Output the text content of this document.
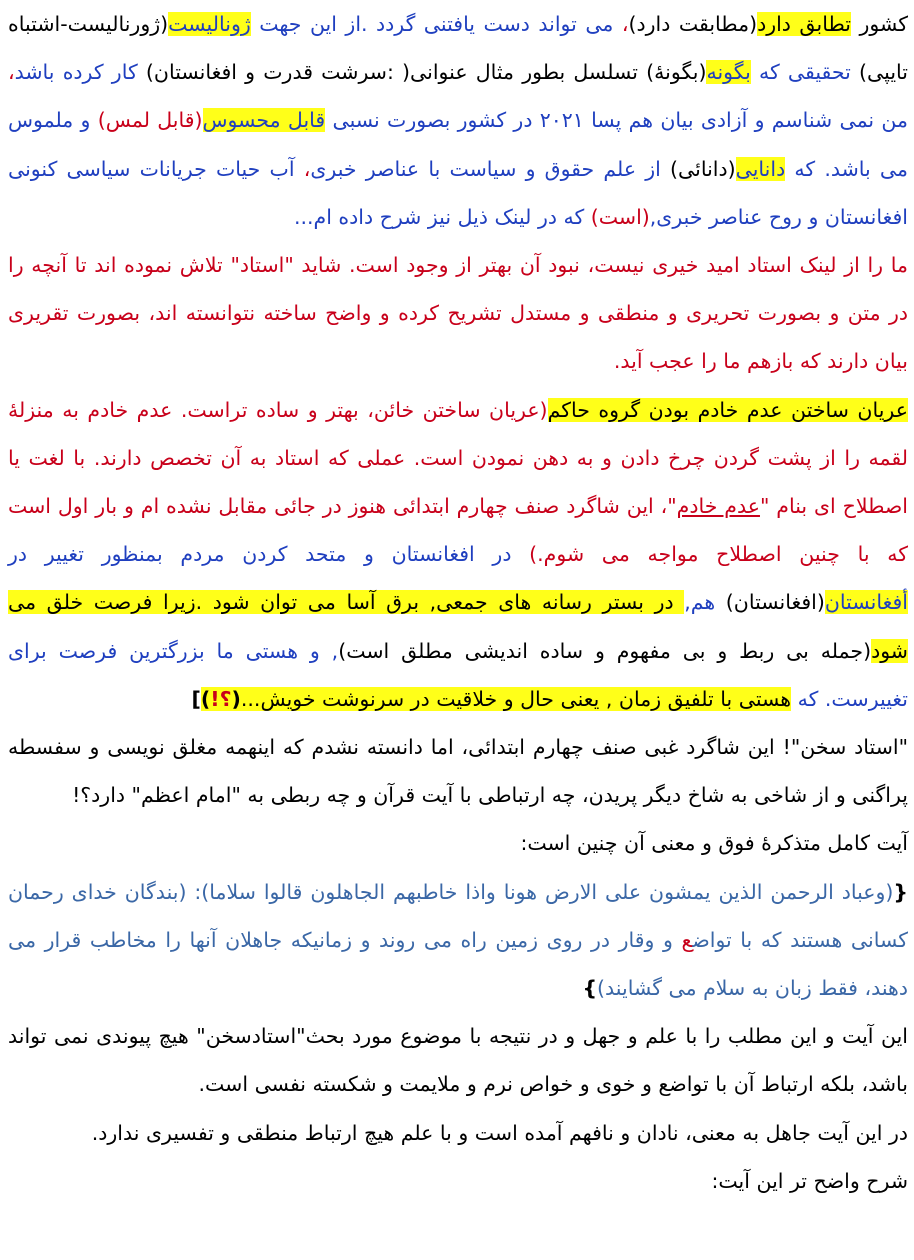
کشور تطابق دارد(مطابقت دارد)، می تواند دست یافتنی گردد .از این جهت ژونالیست(ژورنالیست-اشتباه تایپی) تحقیقی که بگونه(بگونهٔ) تسلسل بطور مثال عنوانی( :سرشت قدرت و افغانستان) کار کرده باشد، من نمی شناسم و آزادی بیان هم پسا ۲۰۲۱ در کشور بصورت نسبی قابل محسوس(قابل لمس) و ملموس می باشد. که دانایی(دانائی) از علم حقوق و سیاست با عناصر خبری، آب حیات جریانات سیاسی کنونی افغانستان و روح عناصر خبری,(است) که در لینک ذیل نیز شرح داده ام...

ما را از لینک استاد امید خیری نیست، نبود آن بهتر از وجود است. شاید "استاد" تلاش نموده اند تا آنچه را در متن و بصورت تحریری و منطقی و مستدل تشریح کرده و واضح ساخته نتوانسته اند، بصورت تقریری بیان دارند که بازهم ما را عجب آید.

عریان ساختن عدم خادم بودن گروه حاکم(عریان ساختن خائن، بهتر و ساده تراست. عدم خادم به منزلهٔ لقمه را از پشت گردن چرخ دادن و به دهن نمودن است. عملی که استاد به آن تخصص دارند. با لغت یا اصطلاح ای بنام "عدم خادم"، این شاگرد صنف چهارم ابتدائی هنوز در جائی مقابل نشده ام و بار اول است که با چنین اصطلاح مواجه می شوم.) در افغانستان و متحد کردن مردم بمنظور تغییر در أفغانستان(افغانستان) هم, در بستر رسانه های جمعی, برق آسا می توان شود .زیرا فرصت خلق می شود(جمله بی ربط و بی مفهوم و ساده اندیشی مطلق است), و هستی ما بزرگترین فرصت برای تغییرست. که هستی با تلفیق زمان , یعنی حال و خلاقیت در سرنوشت خویش...(؟!)]

"استاد سخن"! این شاگرد غبی صنف چهارم ابتدائی، اما دانسته نشدم که اینهمه مغلق نویسی و سفسطه پراگنی و از شاخی به شاخ دیگر پریدن، چه ارتباطی با آیت قرآن و چه ربطی به "امام اعظم" دارد؟!

آیت کامل متذکرهٔ فوق و معنی آن چنین است:

{(وعباد الرحمن الذین یمشون علی الارض هونا واذا خاطبهم الجاهلون قالوا سلاما): (بندگان خدای رحمان کسانی هستند که با تواضع و وقار در روی زمین راه می روند و زمانیکه جاهلان آنها را مخاطب قرار می دهند، فقط زبان به سلام می گشایند)}

این آیت و این مطلب را با علم و جهل و در نتیجه با موضوع مورد بحث"استادسخن" هیچ پیوندی نمی تواند باشد، بلکه ارتباط آن با تواضع و خوی و خواص نرم و ملایمت و شکسته نفسی است.

در این آیت جاهل به معنی، نادان و نافهم آمده است و با علم هیچ ارتباط منطقی و تفسیری ندارد.

شرح واضح تر این آیت:
